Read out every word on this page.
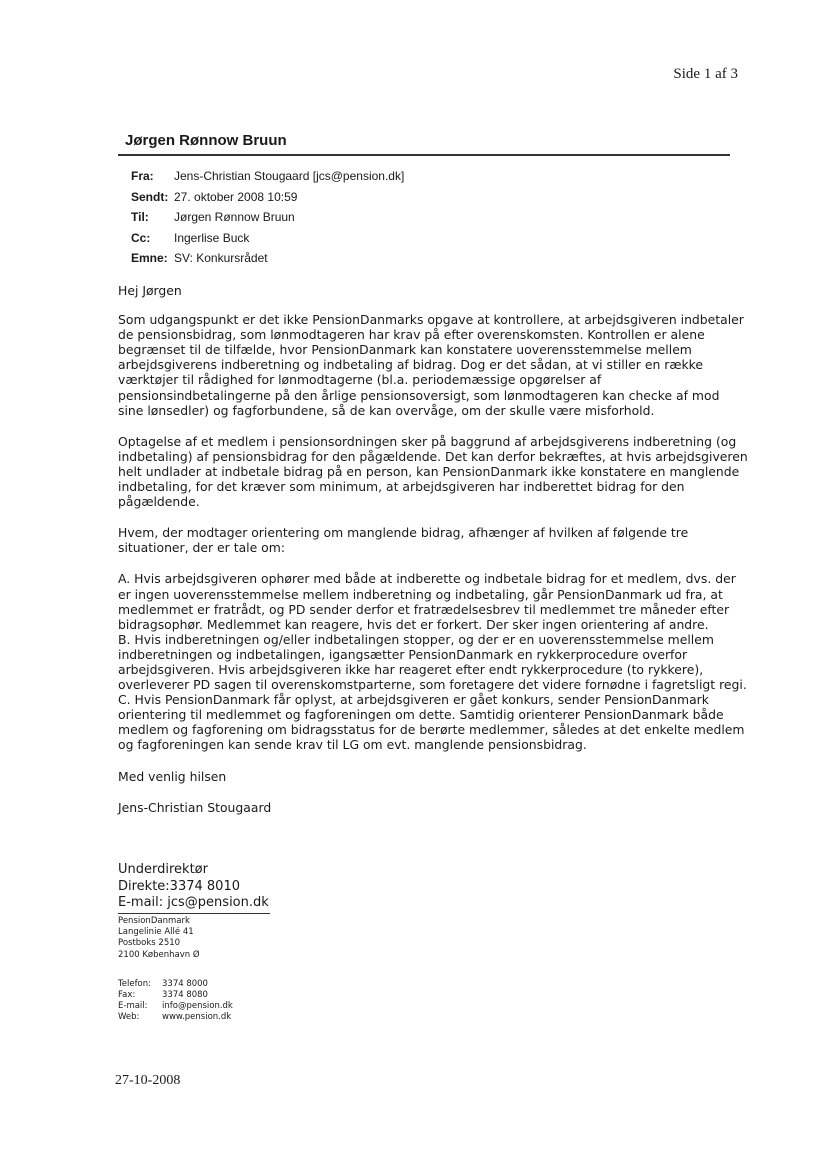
Side 1 af 3
Jørgen Rønnow Bruun
Fra:	Jens-Christian Stougaard [jcs@pension.dk]
Sendt: 27. oktober 2008 10:59
Til:	Jørgen Rønnow Bruun
Cc:	Ingerlise Buck
Emne: SV: Konkursrådet

Hej Jørgen

Som udgangspunkt er det ikke PensionDanmarks opgave at kontrollere, at arbejdsgiveren indbetaler de pensionsbidrag, som lønmodtageren har krav på efter overenskomsten. Kontrollen er alene begrænset til de tilfælde, hvor PensionDanmark kan konstatere uoverensstemmelse mellem arbejdsgiverens indberetning og indbetaling af bidrag. Dog er det sådan, at vi stiller en række værktøjer til rådighed for lønmodtagerne (bl.a. periodemæssige opgørelser af pensionsindbetalingerne på den årlige pensionsoversigt, som lønmodtageren kan checke af mod sine lønsedler) og fagforbundene, så de kan overvåge, om der skulle være misforhold.

Optagelse af et medlem i pensionsordningen sker på baggrund af arbejdsgiverens indberetning (og indbetaling) af pensionsbidrag for den pågældende. Det kan derfor bekræftes, at hvis arbejdsgiveren helt undlader at indbetale bidrag på en person, kan PensionDanmark ikke konstatere en manglende indbetaling, for det kræver som minimum, at arbejdsgiveren har indberettet bidrag for den pågældende.

Hvem, der modtager orientering om manglende bidrag, afhænger af hvilken af følgende tre situationer, der er tale om:

A. Hvis arbejdsgiveren ophører med både at indberette og indbetale bidrag for et medlem, dvs. der er ingen uoverensstemmelse mellem indberetning og indbetaling, går PensionDanmark ud fra, at medlemmet er fratrådt, og PD sender derfor et fratrædelsesbrev til medlemmet tre måneder efter bidragsophør. Medlemmet kan reagere, hvis det er forkert. Der sker ingen orientering af andre.

B. Hvis indberetningen og/eller indbetalingen stopper, og der er en uoverensstemmelse mellem indberetningen og indbetalingen, igangsætter PensionDanmark en rykkerprocedure overfor arbejdsgiveren. Hvis arbejdsgiveren ikke har reageret efter endt rykkerprocedure (to rykkere), overleverer PD sagen til overenskomstparterne, som foretagere det videre fornødne i fagretsligt regi.

C. Hvis PensionDanmark får oplyst, at arbejdsgiveren er gået konkurs, sender PensionDanmark orientering til medlemmet og fagforeningen om dette. Samtidig orienterer PensionDanmark både medlem og fagforening om bidragsstatus for de berørte medlemmer, således at det enkelte medlem og fagforeningen kan sende krav til LG om evt. manglende pensionsbidrag.

Med venlig hilsen

Jens-Christian Stougaard

Underdirektør
Direkte:3374 8010
E-mail: jcs@pension.dk
PensionDanmark
Langelinie Allé 41
Postboks 2510
2100 København Ø
Telefon:	3374 8000
Fax:	3374 8080
E-mail:	info@pension.dk
Web:	www.pension.dk
27-10-2008
